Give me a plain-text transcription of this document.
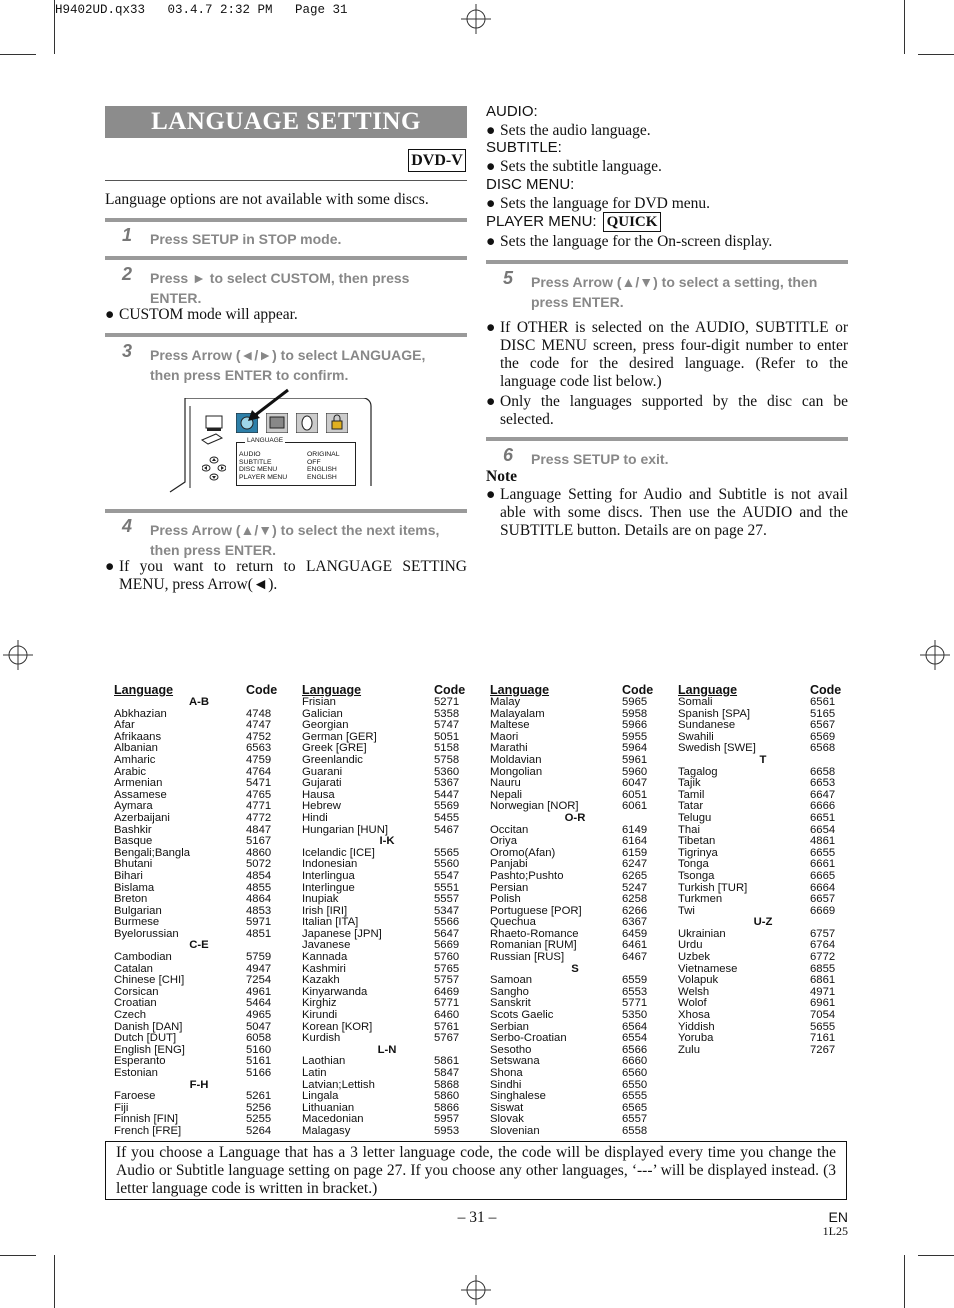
H9402UD.qx33   03.4.7 2:32 PM   Page 31
LANGUAGE SETTING
DVD-V
Language options are not available with some discs.
1 Press SETUP in STOP mode.
2 Press ► to select CUSTOM, then press
ENTER.
● CUSTOM mode will appear.
3 Press Arrow (◄/►) to select LANGUAGE,
then press ENTER to confirm.
LANGUAGE
AUDIO
SUBTITLE
DISC MENU
PLAYER MENU
ORIGINAL
OFF
ENGLISH
ENGLISH
4 Press Arrow (▲/▼) to select the next items,
then press ENTER.
● If you want to return to LANGUAGE SETTING MENU, press Arrow(◄).
AUDIO:
● Sets the audio language.
SUBTITLE:
● Sets the subtitle language.
DISC MENU:
● Sets the language for DVD menu.
PLAYER MENU: QUICK
● Sets the language for the On-screen display.
5 Press Arrow (▲/▼) to select a setting, then
press ENTER.
● If OTHER is selected on the AUDIO, SUBTITLE or DISC MENU screen, press four-digit number to enter the code for the desired language. (Refer to the language code list below.)
● Only the languages supported by the disc can be selected.
6 Press SETUP to exit.
Note
● Language Setting for Audio and Subtitle is not avail able with some discs. Then use the AUDIO and the SUBTITLE button. Details are on page 27.
Language	Code
A-B
Abkhazian	4748
Afar	4747
Afrikaans	4752
Albanian	6563
Amharic	4759
Arabic	4764
Armenian	5471
Assamese	4765
Aymara	4771
Azerbaijani	4772
Bashkir	4847
Basque	5167
Bengali;Bangla	4860
Bhutani	5072
Bihari	4854
Bislama	4855
Breton	4864
Bulgarian	4853
Burmese	5971
Byelorussian	4851
C-E
Cambodian	5759
Catalan	4947
Chinese [CHI]	7254
Corsican	4961
Croatian	5464
Czech	4965
Danish [DAN]	5047
Dutch [DUT]	6058
English [ENG]	5160
Esperanto	5161
Estonian	5166
F-H
Faroese	5261
Fiji	5256
Finnish [FIN]	5255
French [FRE]	5264
Language	Code
Frisian	5271
Galician	5358
Georgian	5747
German [GER]	5051
Greek [GRE]	5158
Greenlandic	5758
Guarani	5360
Gujarati	5367
Hausa	5447
Hebrew	5569
Hindi	5455
Hungarian [HUN]	5467
I-K
Icelandic [ICE]	5565
Indonesian	5560
Interlingua	5547
Interlingue	5551
Inupiak	5557
Irish [IRI]	5347
Italian [ITA]	5566
Japanese [JPN]	5647
Javanese	5669
Kannada	5760
Kashmiri	5765
Kazakh	5757
Kinyarwanda	6469
Kirghiz	5771
Kirundi	6460
Korean [KOR]	5761
Kurdish	5767
L-N
Laothian	5861
Latin	5847
Latvian;Lettish	5868
Lingala	5860
Lithuanian	5866
Macedonian	5957
Malagasy	5953
Language	Code
Malay	5965
Malayalam	5958
Maltese	5966
Maori	5955
Marathi	5964
Moldavian	5961
Mongolian	5960
Nauru	6047
Nepali	6051
Norwegian [NOR]	6061
O-R
Occitan	6149
Oriya	6164
Oromo(Afan)	6159
Panjabi	6247
Pashto;Pushto	6265
Persian	5247
Polish	6258
Portuguese [POR]	6266
Quechua	6367
Rhaeto-Romance	6459
Romanian [RUM]	6461
Russian [RUS]	6467
S
Samoan	6559
Sangho	6553
Sanskrit	5771
Scots Gaelic	5350
Serbian	6564
Serbo-Croatian	6554
Sesotho	6566
Setswana	6660
Shona	6560
Sindhi	6550
Singhalese	6555
Siswat	6565
Slovak	6557
Slovenian	6558
Language	Code
Somali	6561
Spanish [SPA]	5165
Sundanese	6567
Swahili	6569
Swedish [SWE]	6568
T
Tagalog	6658
Tajik	6653
Tamil	6647
Tatar	6666
Telugu	6651
Thai	6654
Tibetan	4861
Tigrinya	6655
Tonga	6661
Tsonga	6665
Turkish [TUR]	6664
Turkmen	6657
Twi	6669
U-Z
Ukrainian	6757
Urdu	6764
Uzbek	6772
Vietnamese	6855
Volapuk	6861
Welsh	4971
Wolof	6961
Xhosa	7054
Yiddish	5655
Yoruba	7161
Zulu	7267
If you choose a Language that has a 3 letter language code, the code will be displayed every time you change the Audio or Subtitle language setting on page 27. If you choose any other languages, ‘---’ will be displayed instead. (3 letter language code is written in bracket.)
– 31 –	EN
1L25
